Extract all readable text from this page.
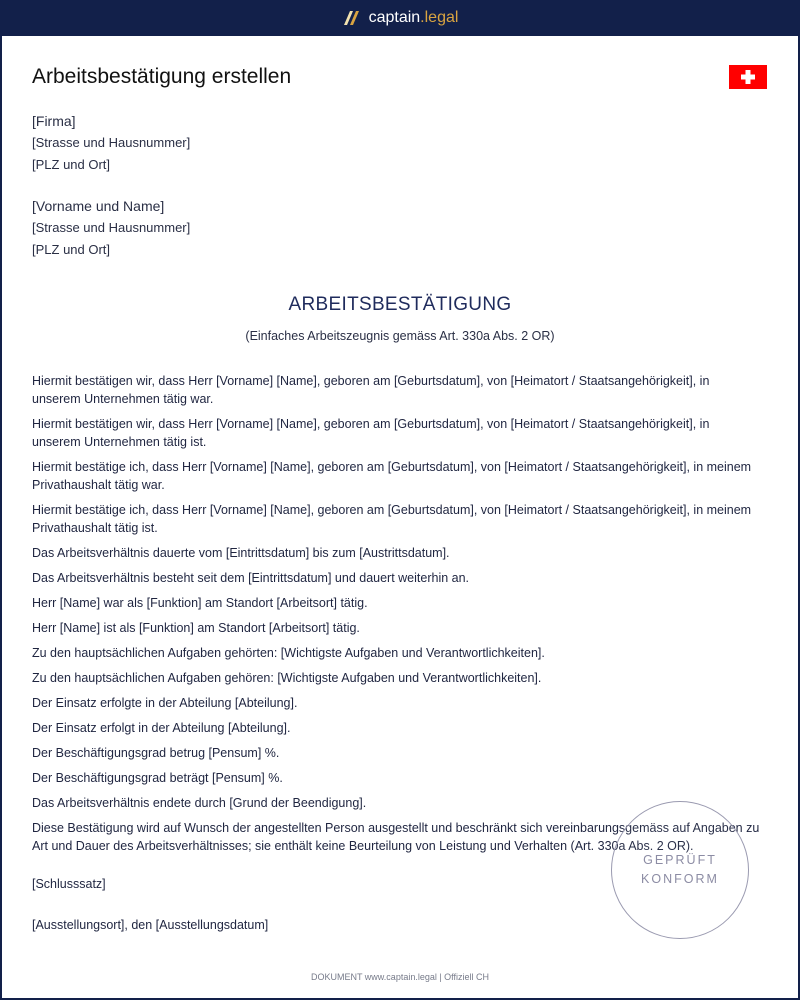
captain.legal
Arbeitsbestätigung erstellen
[Firma]
[Strasse und Hausnummer]
[PLZ und Ort]
[Vorname und Name]
[Strasse und Hausnummer]
[PLZ und Ort]
ARBEITSBESTÄTIGUNG
(Einfaches Arbeitszeugnis gemäss Art. 330a Abs. 2 OR)
Hiermit bestätigen wir, dass Herr [Vorname] [Name], geboren am [Geburtsdatum], von [Heimatort / Staatsangehörigkeit], in unserem Unternehmen tätig war.
Hiermit bestätigen wir, dass Herr [Vorname] [Name], geboren am [Geburtsdatum], von [Heimatort / Staatsangehörigkeit], in unserem Unternehmen tätig ist.
Hiermit bestätige ich, dass Herr [Vorname] [Name], geboren am [Geburtsdatum], von [Heimatort / Staatsangehörigkeit], in meinem Privathaushalt tätig war.
Hiermit bestätige ich, dass Herr [Vorname] [Name], geboren am [Geburtsdatum], von [Heimatort / Staatsangehörigkeit], in meinem Privathaushalt tätig ist.
Das Arbeitsverhältnis dauerte vom [Eintrittsdatum] bis zum [Austrittsdatum].
Das Arbeitsverhältnis besteht seit dem [Eintrittsdatum] und dauert weiterhin an.
Herr [Name] war als [Funktion] am Standort [Arbeitsort] tätig.
Herr [Name] ist als [Funktion] am Standort [Arbeitsort] tätig.
Zu den hauptsächlichen Aufgaben gehörten: [Wichtigste Aufgaben und Verantwortlichkeiten].
Zu den hauptsächlichen Aufgaben gehören: [Wichtigste Aufgaben und Verantwortlichkeiten].
Der Einsatz erfolgte in der Abteilung [Abteilung].
Der Einsatz erfolgt in der Abteilung [Abteilung].
Der Beschäftigungsgrad betrug [Pensum] %.
Der Beschäftigungsgrad beträgt [Pensum] %.
Das Arbeitsverhältnis endete durch [Grund der Beendigung].
Diese Bestätigung wird auf Wunsch der angestellten Person ausgestellt und beschränkt sich vereinbarungsgemäss auf Angaben zu Art und Dauer des Arbeitsverhältnisses; sie enthält keine Beurteilung von Leistung und Verhalten (Art. 330a Abs. 2 OR).
[Schlusssatz]
[Ausstellungsort], den [Ausstellungsdatum]
GEPRÜFT
KONFORM
DOKUMENT www.captain.legal | Offiziell CH
